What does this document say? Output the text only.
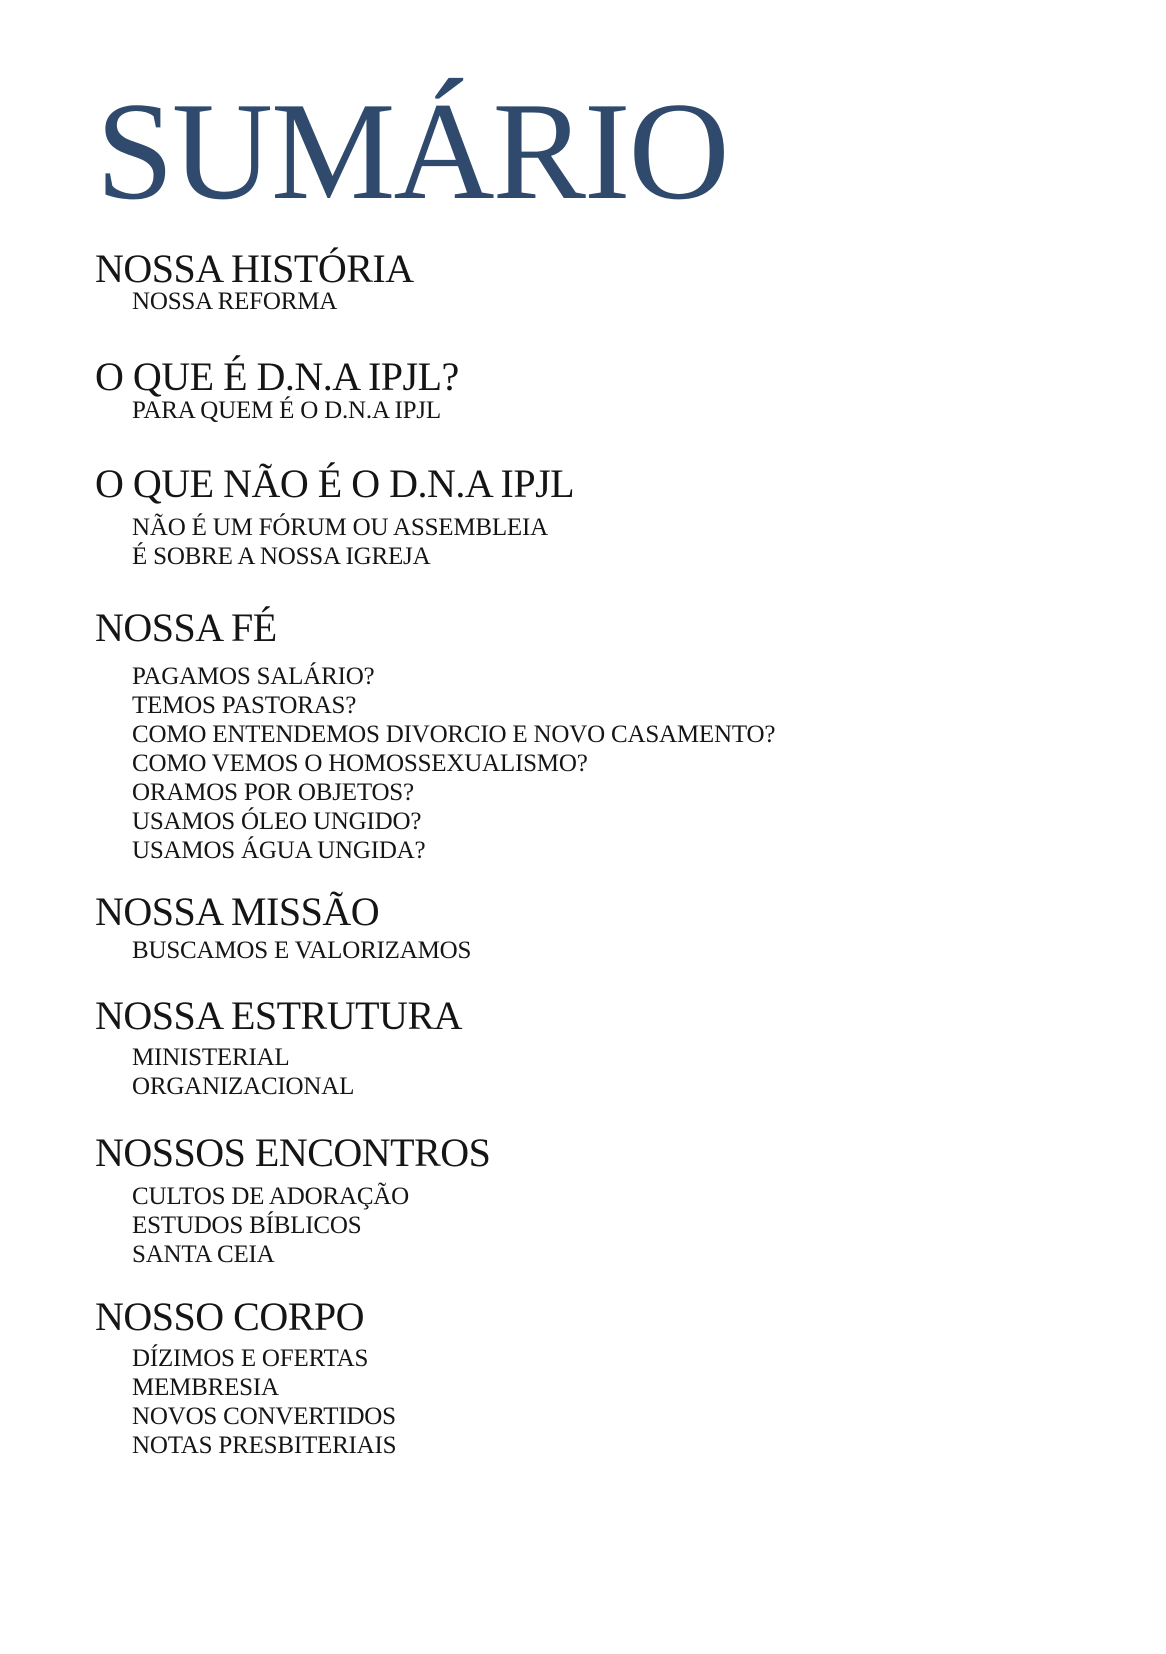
SUMÁRIO
NOSSA HISTÓRIA
NOSSA REFORMA
O QUE É D.N.A IPJL?
PARA QUEM É O D.N.A IPJL
O QUE NÃO É O D.N.A IPJL
NÃO É UM FÓRUM OU ASSEMBLEIA
É SOBRE A NOSSA IGREJA
NOSSA FÉ
PAGAMOS SALÁRIO?
TEMOS PASTORAS?
COMO ENTENDEMOS DIVORCIO E NOVO CASAMENTO?
COMO VEMOS O HOMOSSEXUALISMO?
ORAMOS POR OBJETOS?
USAMOS ÓLEO UNGIDO?
USAMOS ÁGUA UNGIDA?
NOSSA MISSÃO
BUSCAMOS E VALORIZAMOS
NOSSA ESTRUTURA
MINISTERIAL
ORGANIZACIONAL
NOSSOS ENCONTROS
CULTOS DE ADORAÇÃO
ESTUDOS BÍBLICOS
SANTA CEIA
NOSSO CORPO
DÍZIMOS E OFERTAS
MEMBRESIA
NOVOS CONVERTIDOS
NOTAS PRESBITERIAIS
